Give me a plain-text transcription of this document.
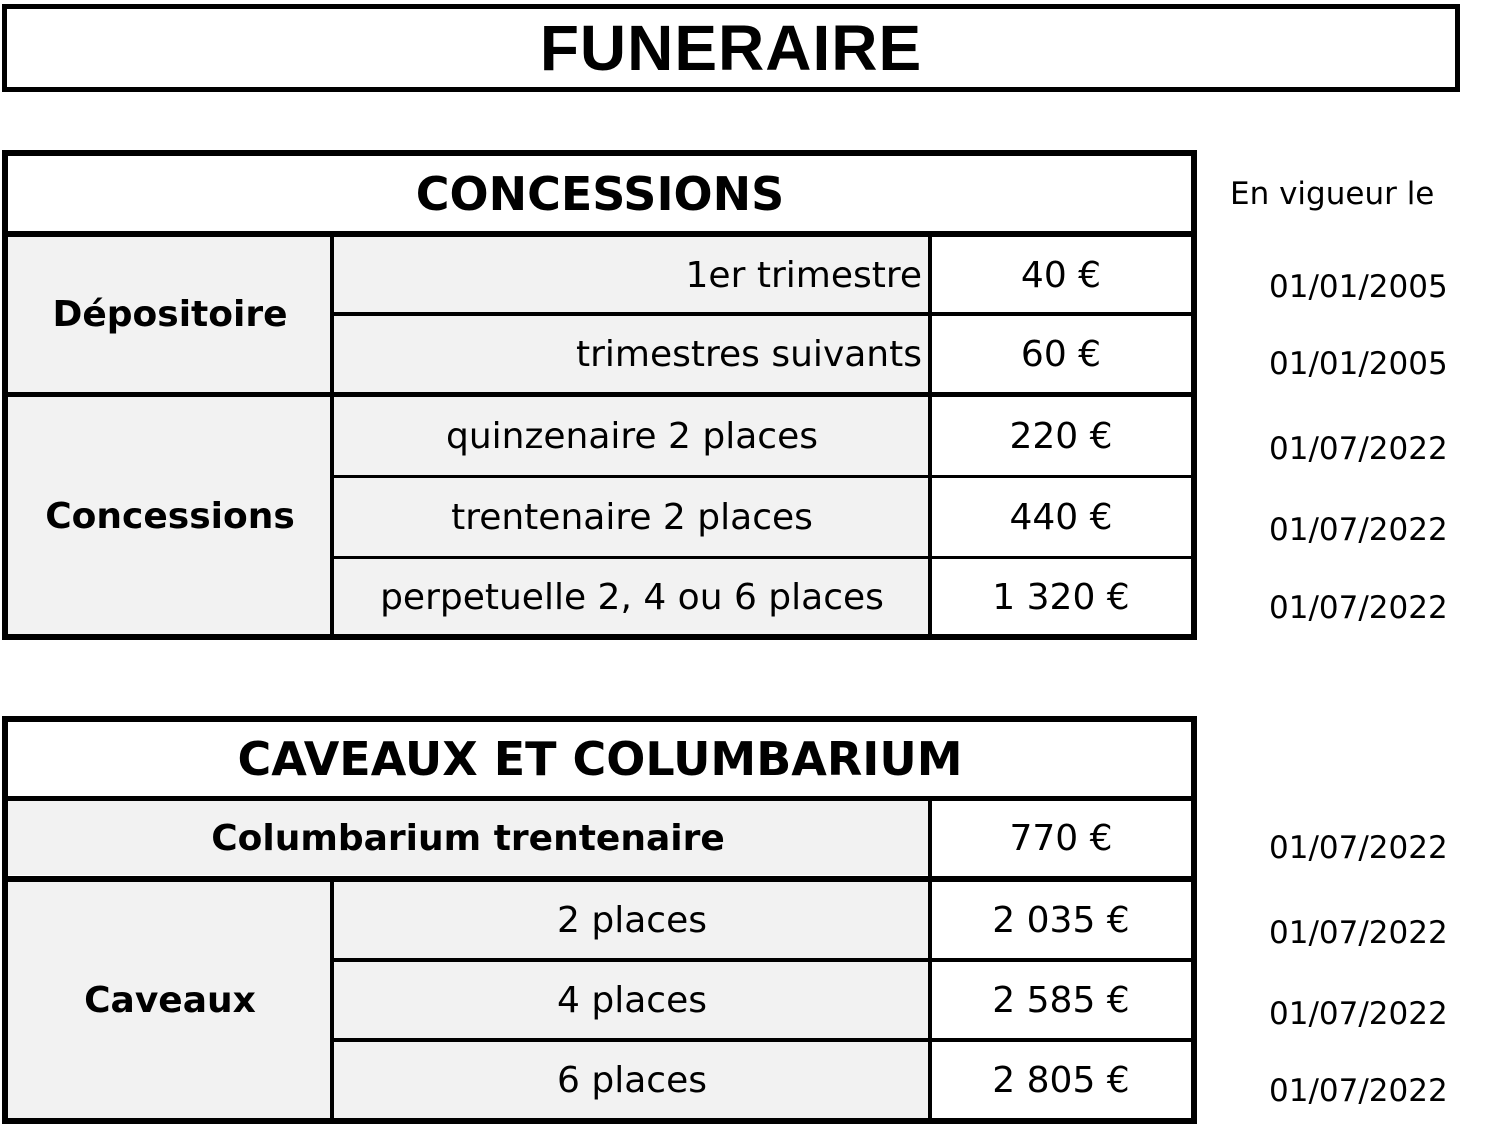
FUNERAIRE
CONCESSIONS
Dépositoire
1er trimestre	40 €
trimestres suivants	60 €
Concessions
quinzenaire 2 places	220 €
trentenaire 2 places	440 €
perpetuelle 2, 4 ou 6 places	1 320 €
En vigueur le
01/01/2005
01/01/2005
01/07/2022
01/07/2022
01/07/2022
CAVEAUX ET COLUMBARIUM
Columbarium trentenaire	770 €
Caveaux
2 places	2 035 €
4 places	2 585 €
6 places	2 805 €
01/07/2022
01/07/2022
01/07/2022
01/07/2022
